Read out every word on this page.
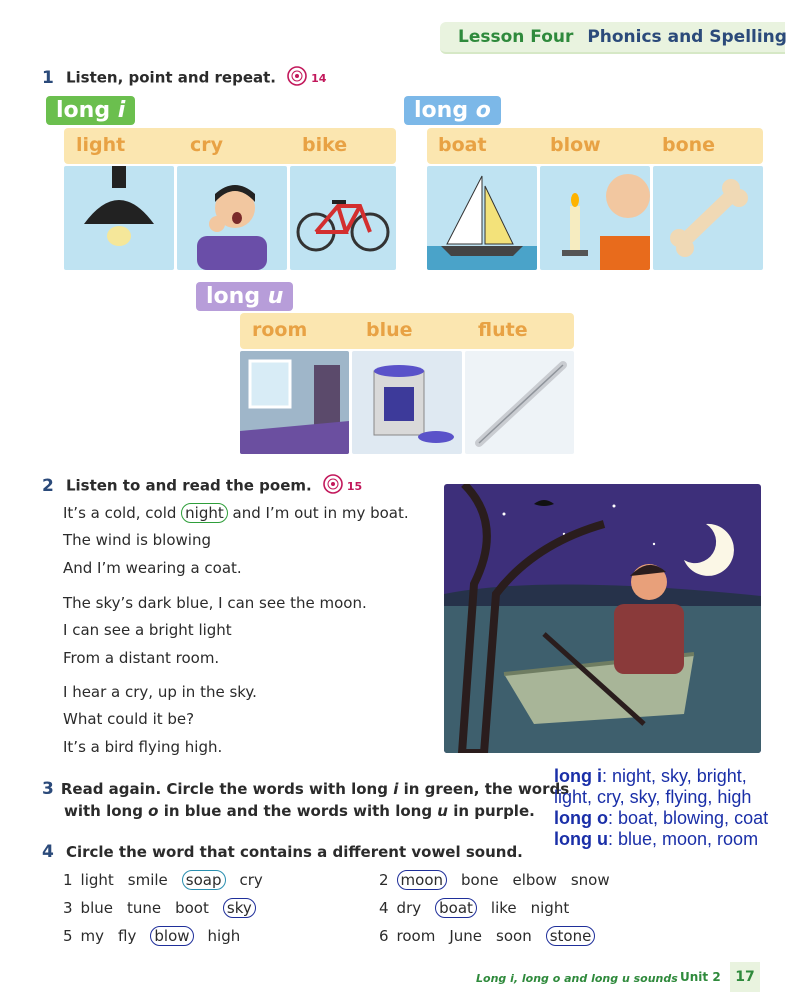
Lesson Four Phonics and Spelling
1 Listen, point and repeat.	14
long i
light	cry	bike
long o
boat	blow	bone
long u
room	blue	flute
2 Listen to and read the poem.	15
It’s a cold, cold night and I’m out in my boat.
The wind is blowing
And I’m wearing a coat.
The sky’s dark blue, I can see the moon.
I can see a bright light
From a distant room.
I hear a cry, up in the sky.
What could it be?
It’s a bird flying high.
3 Read again. Circle the words with long i in green, the words
with long o in blue and the words with long u in purple.
long i: night, sky, bright,
light, cry, sky, flying, high
long o: boat, blowing, coat
long u: blue, moon, room
4 Circle the word that contains a different vowel sound.
1 light smile soap cry	2 moon bone elbow snow
3 blue tune boot sky	4 dry boat like night
5 my fly blow high	6 room June soon stone
Long i, long o and long u sounds Unit 2	17
